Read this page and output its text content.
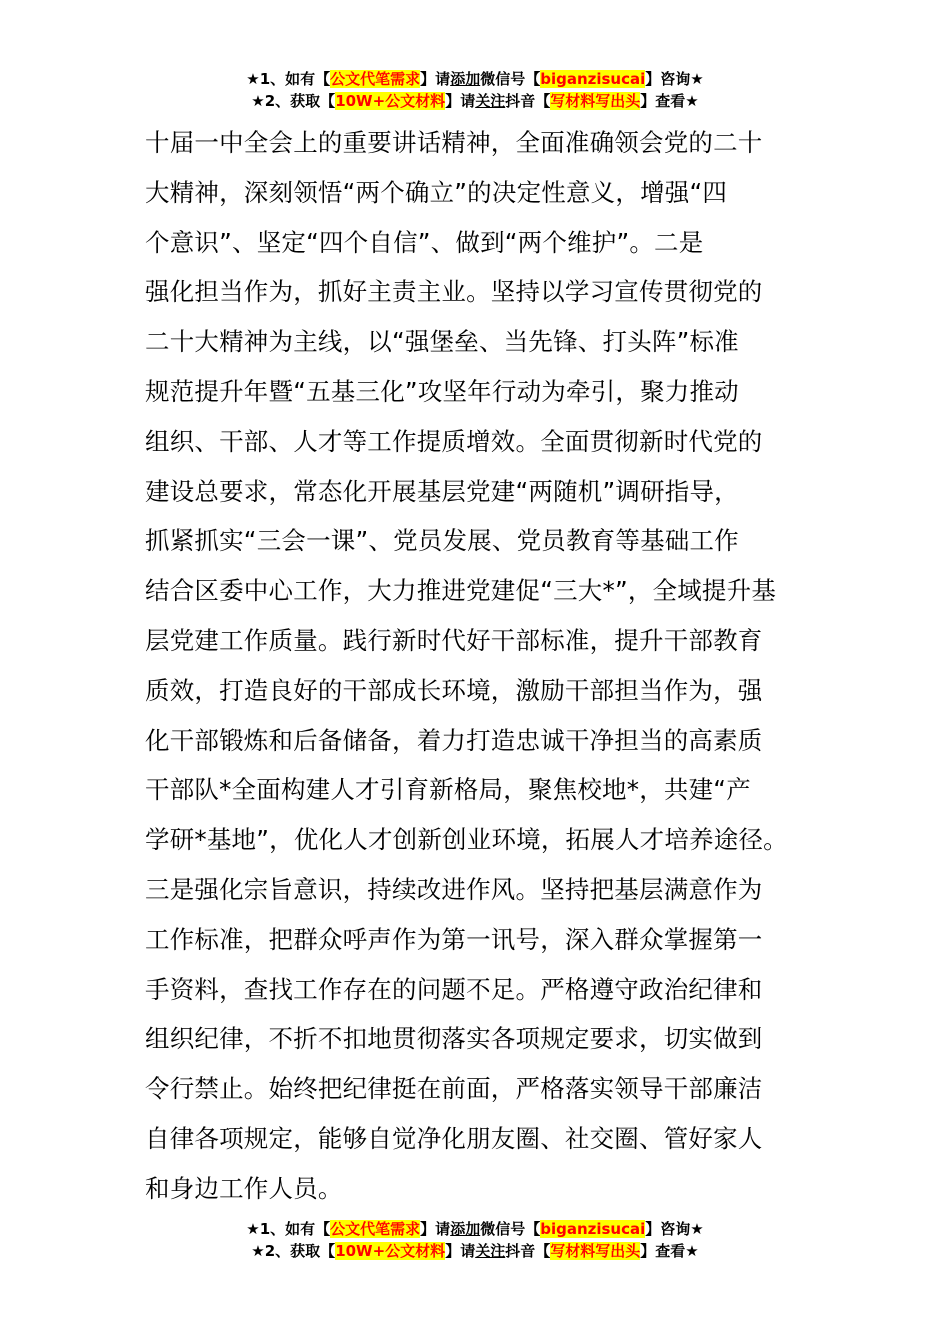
★1、如有【公文代笔需求】请添加微信号【biganzisucai】咨询★
★2、获取【10W+公文材料】请关注抖音【写材料写出头】查看★
十届一中全会上的重要讲话精神，全面准确领会党的二十
大精神，深刻领悟“两个确立”的决定性意义，增强“四
个意识”、坚定“四个自信”、做到“两个维护”。二是
强化担当作为，抓好主责主业。坚持以学习宣传贯彻党的
二十大精神为主线，以“强堡垒、当先锋、打头阵”标准
规范提升年暨“五基三化”攻坚年行动为牵引，聚力推动
组织、干部、人才等工作提质增效。全面贯彻新时代党的
建设总要求，常态化开展基层党建“两随机”调研指导，
抓紧抓实“三会一课”、党员发展、党员教育等基础工作
结合区委中心工作，大力推进党建促“三大*”，全域提升基
层党建工作质量。践行新时代好干部标准，提升干部教育
质效，打造良好的干部成长环境，激励干部担当作为，强
化干部锻炼和后备储备，着力打造忠诚干净担当的高素质
干部队*全面构建人才引育新格局，聚焦校地*，共建“产
学研*基地”，优化人才创新创业环境，拓展人才培养途径。
三是强化宗旨意识，持续改进作风。坚持把基层满意作为
工作标准，把群众呼声作为第一讯号，深入群众掌握第一
手资料，查找工作存在的问题不足。严格遵守政治纪律和
组织纪律，不折不扣地贯彻落实各项规定要求，切实做到
令行禁止。始终把纪律挺在前面，严格落实领导干部廉洁
自律各项规定，能够自觉净化朋友圈、社交圈、管好家人
和身边工作人员。
★1、如有【公文代笔需求】请添加微信号【biganzisucai】咨询★
★2、获取【10W+公文材料】请关注抖音【写材料写出头】查看★
